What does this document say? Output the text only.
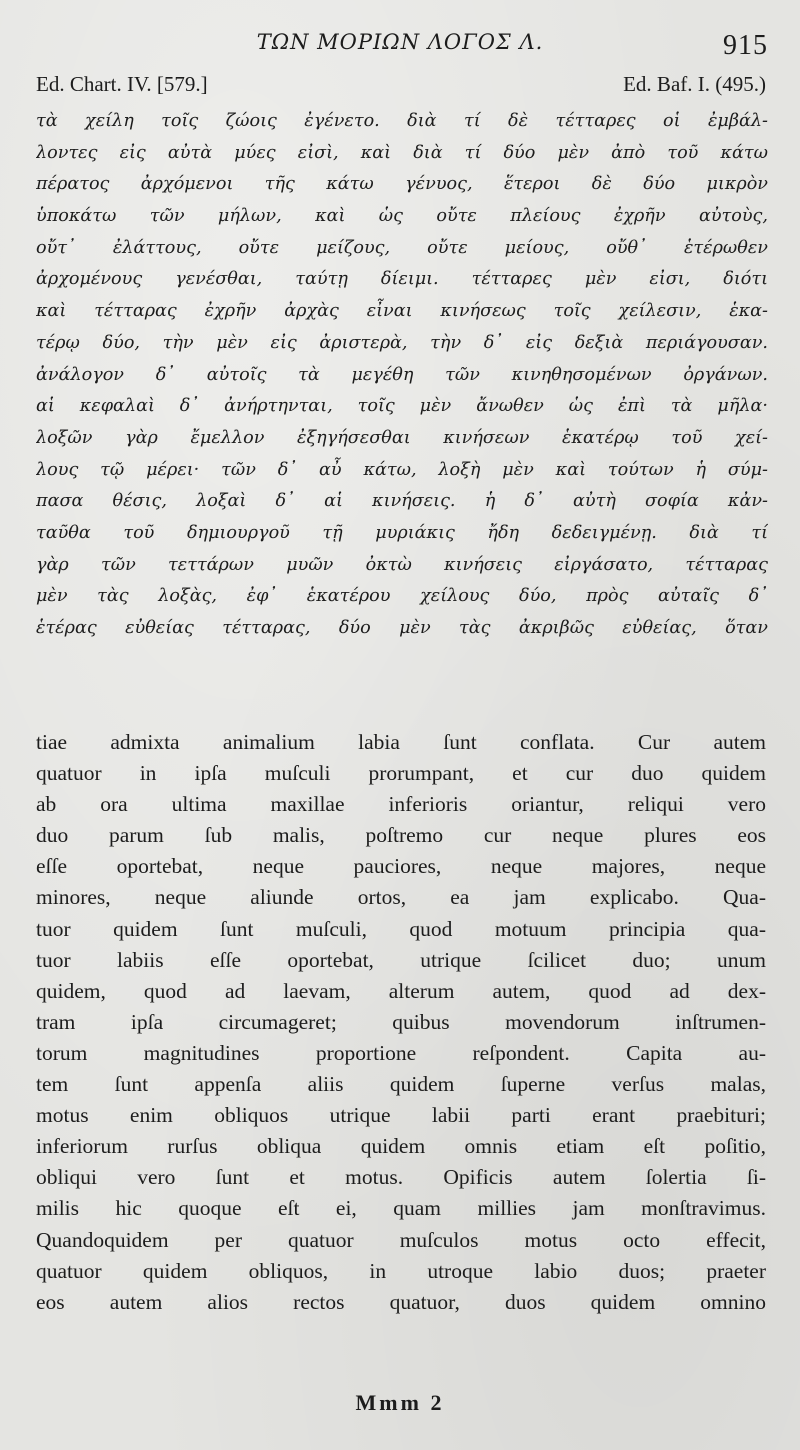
ΤΩΝ ΜΟΡΙΩΝ ΛΟΓΟΣ Λ.	915
Ed. Chart. IV. [579.]	Ed. Baf. I. (495.)
τὰ χείλη τοῖς ζώοις ἐγένετο. διὰ τί δὲ τέτταρες οἱ ἐμβάλ-
λοντες εἰς αὐτὰ μύες εἰσὶ, καὶ διὰ τί δύο μὲν ἀπὸ τοῦ κάτω
πέρατος ἀρχόμενοι τῆς κάτω γένυος, ἕτεροι δὲ δύο μικρὸν
ὑποκάτω τῶν μήλων, καὶ ὡς οὔτε πλείους ἐχρῆν αὐτοὺς,
οὔτ᾿ ἐλάττους, οὔτε μείζους, οὔτε μείους, οὔθ᾿ ἑτέρωθεν
ἀρχομένους γενέσθαι, ταύτῃ δίειμι. τέτταρες μὲν εἰσι, διότι
καὶ τέτταρας ἐχρῆν ἀρχὰς εἶναι κινήσεως τοῖς χείλεσιν, ἑκα-
τέρῳ δύο, τὴν μὲν εἰς ἀριστερὰ, τὴν δ᾿ εἰς δεξιὰ περιάγουσαν.
ἀνάλογον δ᾿ αὐτοῖς τὰ μεγέθη τῶν κινηθησομένων ὀργάνων.
αἱ κεφαλαὶ δ᾿ ἀνήρτηνται, τοῖς μὲν ἄνωθεν ὡς ἐπὶ τὰ μῆλα·
λοξῶν γὰρ ἔμελλον ἐξηγήσεσθαι κινήσεων ἑκατέρῳ τοῦ χεί-
λους τῷ μέρει· τῶν δ᾿ αὖ κάτω, λοξὴ μὲν καὶ τούτων ἡ σύμ-
πασα θέσις, λοξαὶ δ᾿ αἱ κινήσεις. ἡ δ᾿ αὐτὴ σοφία κἀν-
ταῦθα τοῦ δημιουργοῦ τῇ μυριάκις ἤδη δεδειγμένῃ. διὰ τί
γὰρ τῶν τεττάρων μυῶν ὀκτὼ κινήσεις εἰργάσατο, τέτταρας
μὲν τὰς λοξὰς, ἐφ᾿ ἑκατέρου χείλους δύο, πρὸς αὐταῖς δ᾿
ἑτέρας εὐθείας τέτταρας, δύο μὲν τὰς ἀκριβῶς εὐθείας, ὅταν
tiae admixta animalium labia ſunt conflata. Cur autem
quatuor in ipſa muſculi prorumpant, et cur duo quidem
ab ora ultima maxillae inferioris oriantur, reliqui vero
duo parum ſub malis, poſtremo cur neque plures eos
eſſe oportebat, neque pauciores, neque majores, neque
minores, neque aliunde ortos, ea jam explicabo. Qua-
tuor quidem ſunt muſculi, quod motuum principia qua-
tuor labiis eſſe oportebat, utrique ſcilicet duo; unum
quidem, quod ad laevam, alterum autem, quod ad dex-
tram ipſa circumageret; quibus movendorum inſtrumen-
torum magnitudines proportione reſpondent. Capita au-
tem ſunt appenſa aliis quidem ſuperne verſus malas,
motus enim obliquos utrique labii parti erant praebituri;
inferiorum rurſus obliqua quidem omnis etiam eſt poſitio,
obliqui vero ſunt et motus. Opificis autem ſolertia ſi-
milis hic quoque eſt ei, quam millies jam monſtravimus.
Quandoquidem per quatuor muſculos motus octo effecit,
quatuor quidem obliquos, in utroque labio duos; praeter
eos autem alios rectos quatuor, duos quidem omnino
Mmm 2
